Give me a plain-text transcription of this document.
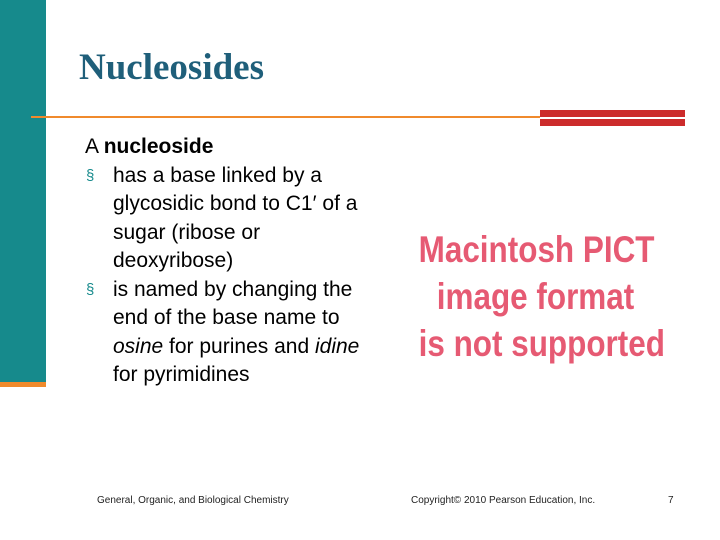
Nucleosides

A nucleoside

§ has a base linked by a glycosidic bond to C1′ of a sugar (ribose or deoxyribose)

§ is named by changing the end of the base name to osine for purines and idine for pyrimidines

Macintosh PICT
image format
is not supported
General, Organic, and Biological Chemistry	Copyright© 2010 Pearson Education, Inc.	7
